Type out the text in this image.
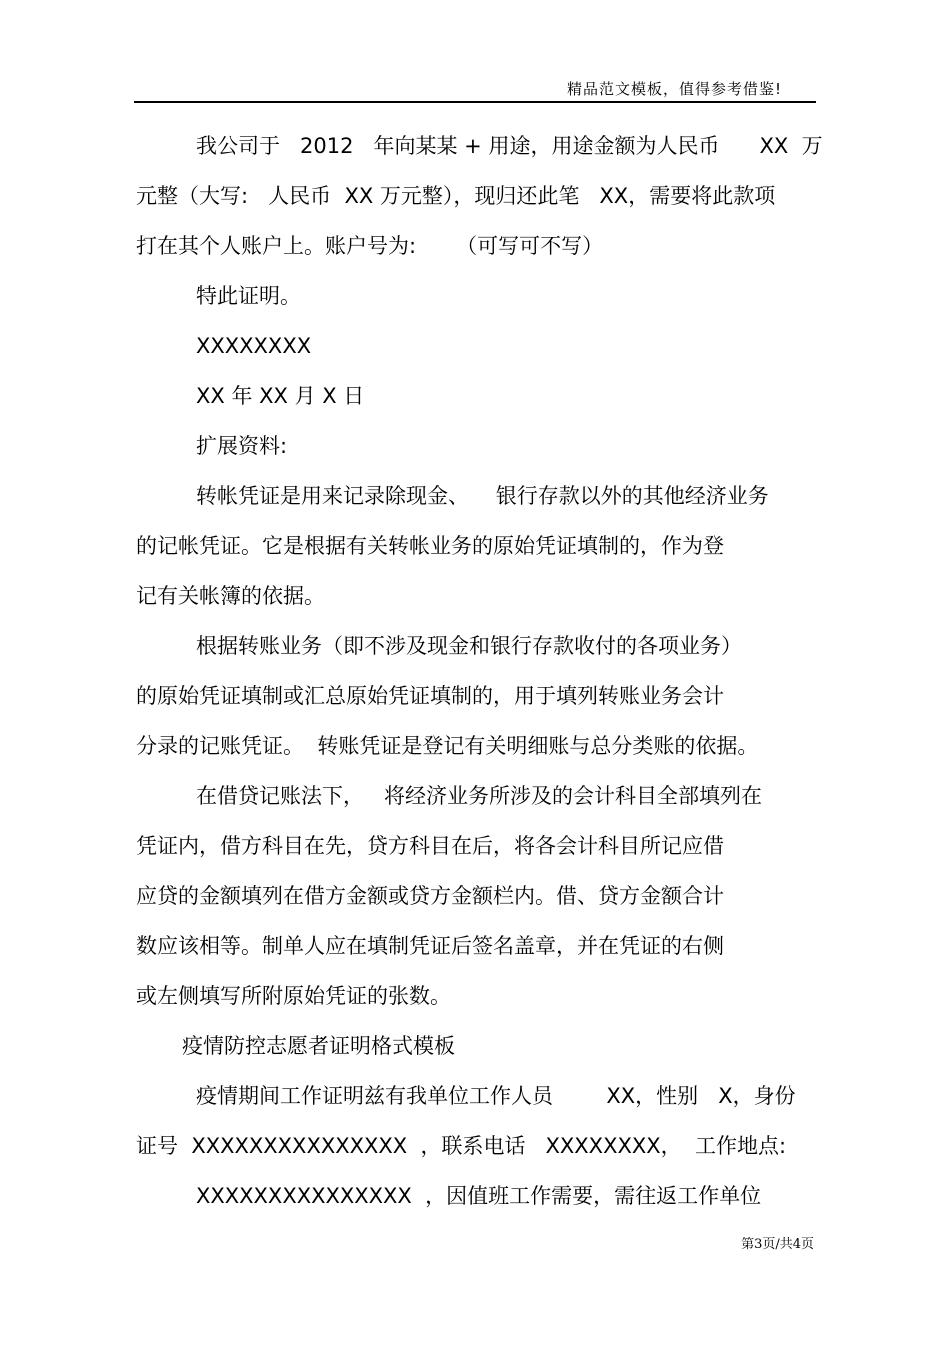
精品范文模板，值得参考借鉴!
我公司于   2012   年向某某 + 用途，用途金额为人民币      XX  万
元整（大写:   人民币  XX 万元整），现归还此笔   XX，需要将此款项
打在其个人账户上。账户号为:      （可写可不写）
特此证明。
XXXXXXXX
XX 年 XX 月 X 日
扩展资料:
转帐凭证是用来记录除现金、    银行存款以外的其他经济业务
的记帐凭证。它是根据有关转帐业务的原始凭证填制的，作为登
记有关帐簿的依据。
根据转账业务（即不涉及现金和银行存款收付的各项业务）
的原始凭证填制或汇总原始凭证填制的，用于填列转账业务会计
分录的记账凭证。  转账凭证是登记有关明细账与总分类账的依据。
在借贷记账法下，   将经济业务所涉及的会计科目全部填列在
凭证内，借方科目在先，贷方科目在后，将各会计科目所记应借
应贷的金额填列在借方金额或贷方金额栏内。借、贷方金额合计
数应该相等。制单人应在填制凭证后签名盖章，并在凭证的右侧
或左侧填写所附原始凭证的张数。
疫情防控志愿者证明格式模板
疫情期间工作证明兹有我单位工作人员        XX，性别   X，身份
证号  XXXXXXXXXXXXXXX  ，联系电话   XXXXXXXX，  工作地点:
XXXXXXXXXXXXXXX  ，因值班工作需要，需往返工作单位
第3页/共4页
